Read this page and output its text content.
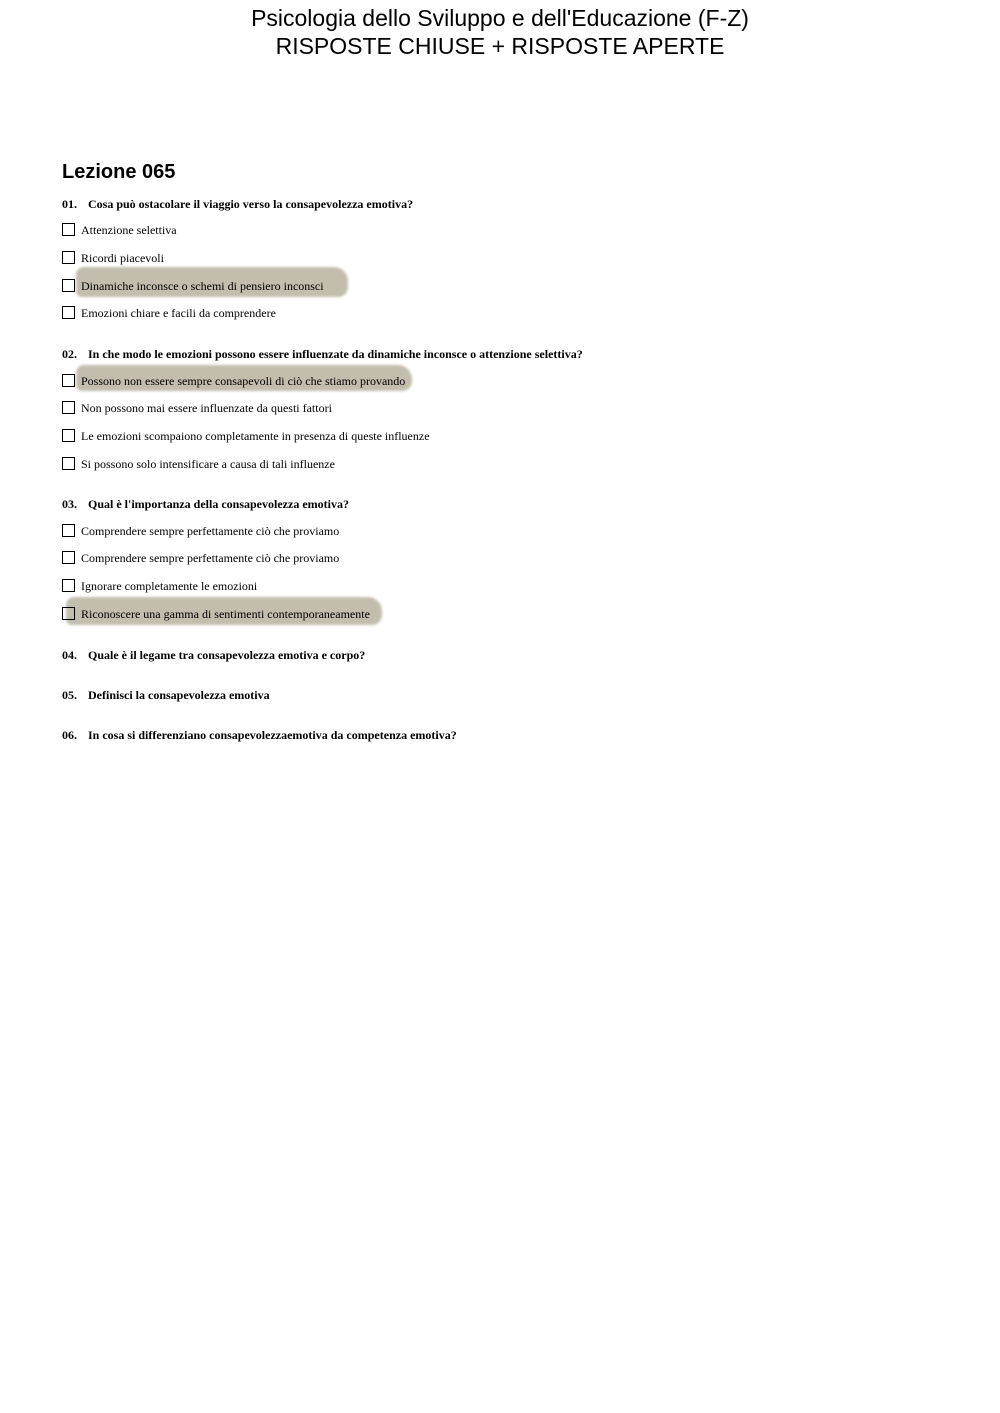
Psicologia dello Sviluppo e dell'Educazione (F-Z)
RISPOSTE CHIUSE + RISPOSTE APERTE
Lezione 065
01. Cosa può ostacolare il viaggio verso la consapevolezza emotiva?
Attenzione selettiva
Ricordi piacevoli
Dinamiche inconsce o schemi di pensiero inconsci
Emozioni chiare e facili da comprendere
02. In che modo le emozioni possono essere influenzate da dinamiche inconsce o attenzione selettiva?
Possono non essere sempre consapevoli di ciò che stiamo provando
Non possono mai essere influenzate da questi fattori
Le emozioni scompaiono completamente in presenza di queste influenze
Si possono solo intensificare a causa di tali influenze
03. Qual è l'importanza della consapevolezza emotiva?
Comprendere sempre perfettamente ciò che proviamo
Comprendere sempre perfettamente ciò che proviamo
Ignorare completamente le emozioni
Riconoscere una gamma di sentimenti contemporaneamente
04. Quale è il legame tra consapevolezza emotiva e corpo?
05. Definisci la consapevolezza emotiva
06. In cosa si differenziano consapevolezzaemotiva da competenza emotiva?
